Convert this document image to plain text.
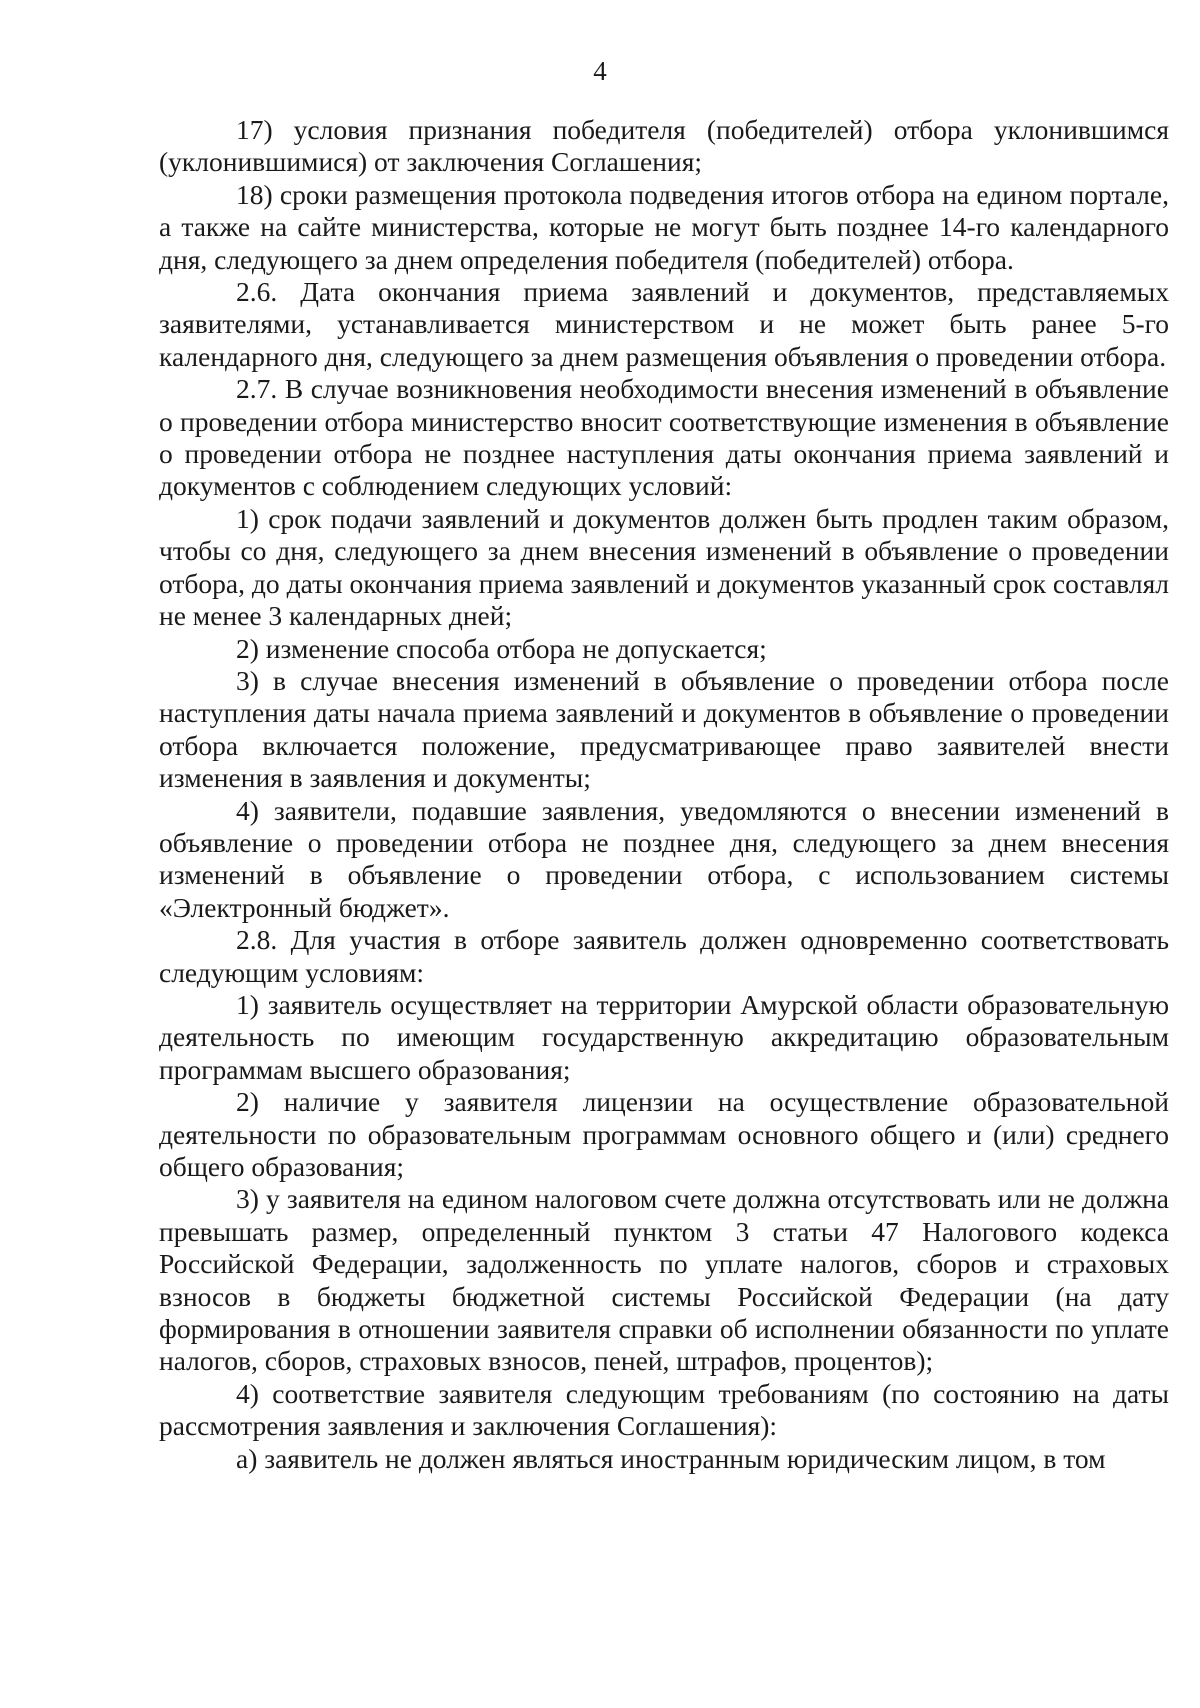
4

17) условия признания победителя (победителей) отбора уклонившимся (уклонившимися) от заключения Соглашения;

18) сроки размещения протокола подведения итогов отбора на едином портале, а также на сайте министерства, которые не могут быть позднее 14-го календарного дня, следующего за днем определения победителя (победителей) отбора.

2.6. Дата окончания приема заявлений и документов, представляемых заявителями, устанавливается министерством и не может быть ранее 5-го календарного дня, следующего за днем размещения объявления о проведении отбора.

2.7. В случае возникновения необходимости внесения изменений в объявление о проведении отбора министерство вносит соответствующие изменения в объявление о проведении отбора не позднее наступления даты окончания приема заявлений и документов с соблюдением следующих условий:

1) срок подачи заявлений и документов должен быть продлен таким образом, чтобы со дня, следующего за днем внесения изменений в объявление о проведении отбора, до даты окончания приема заявлений и документов указанный срок составлял не менее 3 календарных дней;

2) изменение способа отбора не допускается;

3) в случае внесения изменений в объявление о проведении отбора после наступления даты начала приема заявлений и документов в объявление о проведении отбора включается положение, предусматривающее право заявителей внести изменения в заявления и документы;

4) заявители, подавшие заявления, уведомляются о внесении изменений в объявление о проведении отбора не позднее дня, следующего за днем внесения изменений в объявление о проведении отбора, с использованием системы «Электронный бюджет».

2.8. Для участия в отборе заявитель должен одновременно соответствовать следующим условиям:

1) заявитель осуществляет на территории Амурской области образовательную деятельность по имеющим государственную аккредитацию образовательным программам высшего образования;

2) наличие у заявителя лицензии на осуществление образовательной деятельности по образовательным программам основного общего и (или) среднего общего образования;

3) у заявителя на едином налоговом счете должна отсутствовать или не должна превышать размер, определенный пунктом 3 статьи 47 Налогового кодекса Российской Федерации, задолженность по уплате налогов, сборов и страховых взносов в бюджеты бюджетной системы Российской Федерации (на дату формирования в отношении заявителя справки об исполнении обязанности по уплате налогов, сборов, страховых взносов, пеней, штрафов, процентов);

4) соответствие заявителя следующим требованиям (по состоянию на даты рассмотрения заявления и заключения Соглашения):

а) заявитель не должен являться иностранным юридическим лицом, в том
